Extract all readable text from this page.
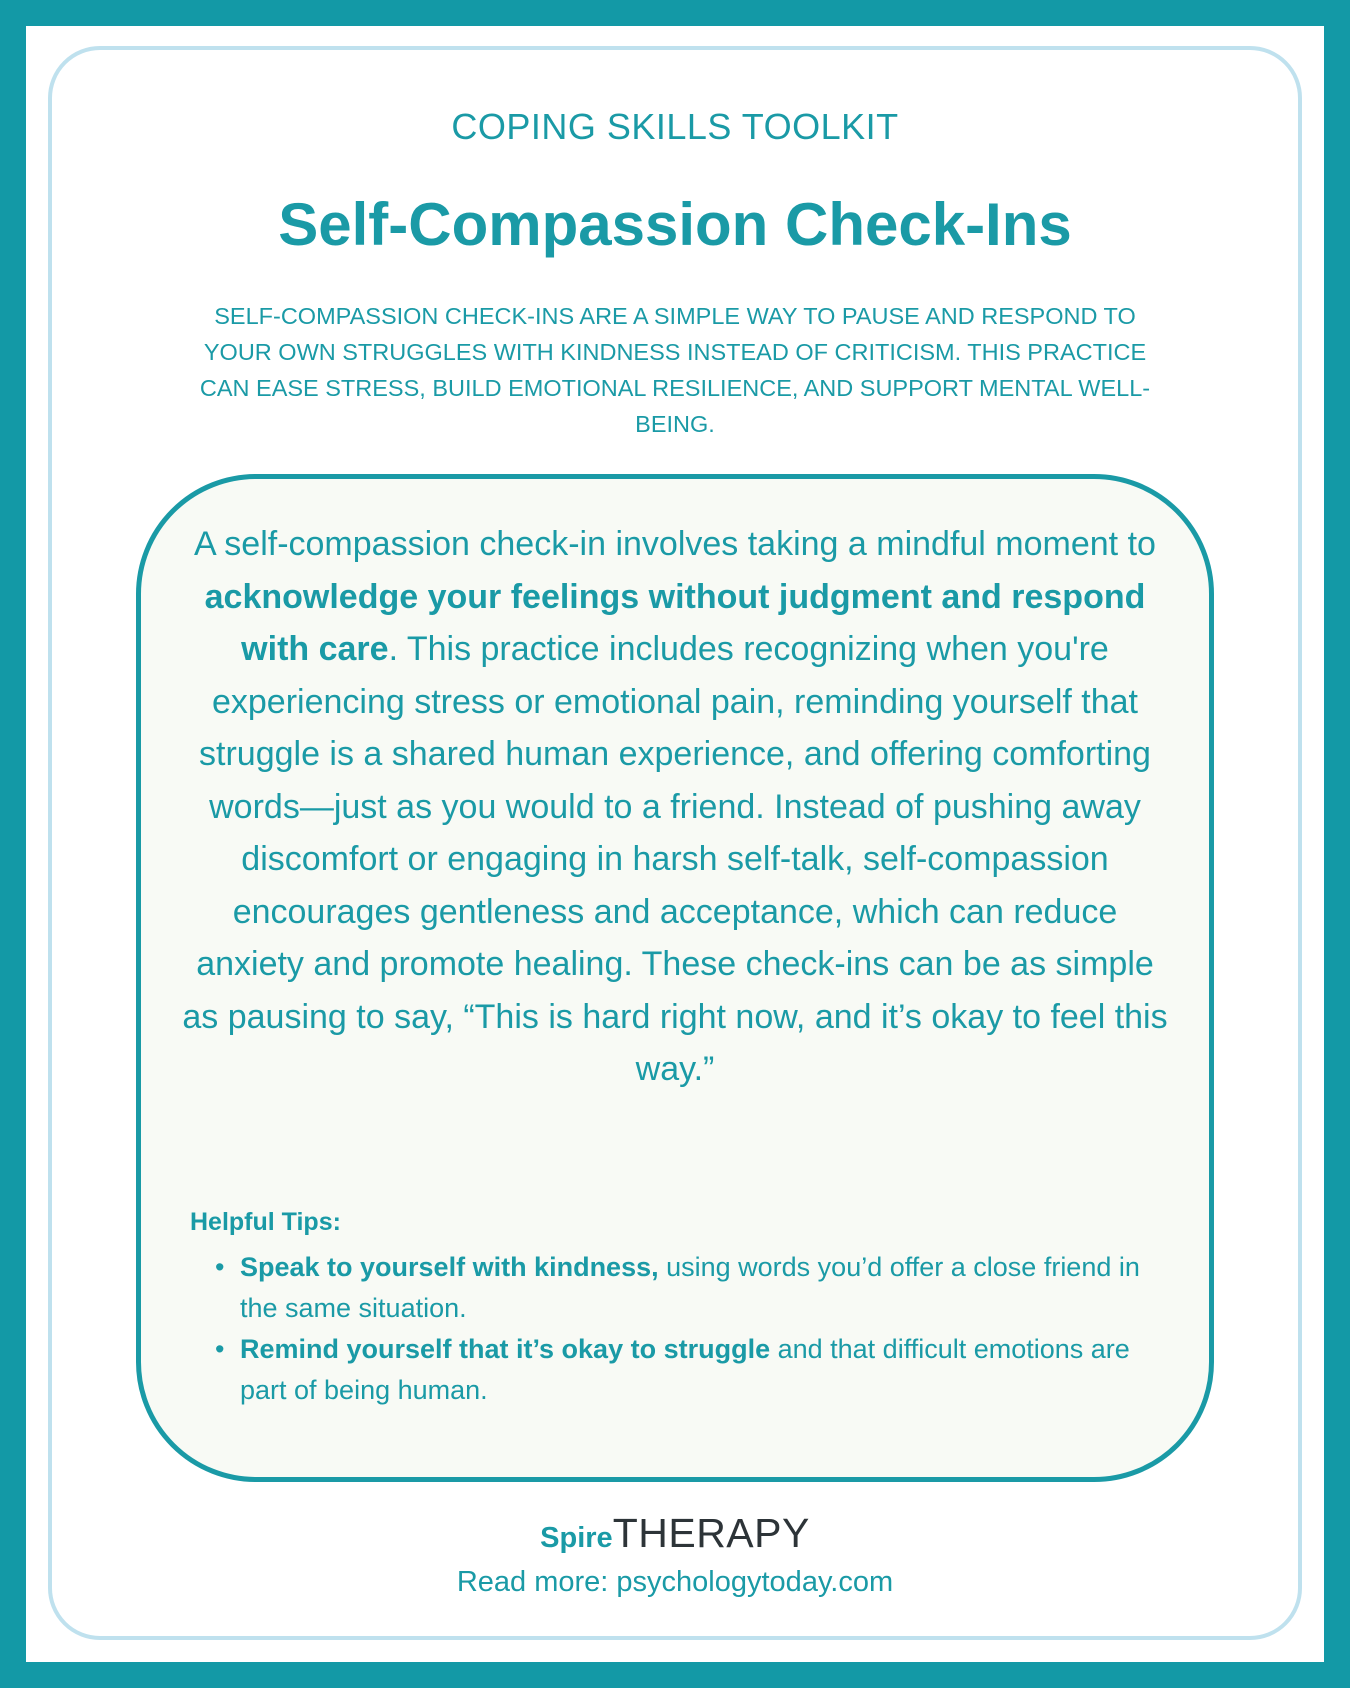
COPING SKILLS TOOLKIT
Self-Compassion Check-Ins

SELF-COMPASSION CHECK-INS ARE A SIMPLE WAY TO PAUSE AND RESPOND TO YOUR OWN STRUGGLES WITH KINDNESS INSTEAD OF CRITICISM. THIS PRACTICE CAN EASE STRESS, BUILD EMOTIONAL RESILIENCE, AND SUPPORT MENTAL WELL-BEING.

A self-compassion check-in involves taking a mindful moment to acknowledge your feelings without judgment and respond with care. This practice includes recognizing when you're experiencing stress or emotional pain, reminding yourself that struggle is a shared human experience, and offering comforting words—just as you would to a friend. Instead of pushing away discomfort or engaging in harsh self-talk, self-compassion encourages gentleness and acceptance, which can reduce anxiety and promote healing. These check-ins can be as simple as pausing to say, “This is hard right now, and it’s okay to feel this way.”

Helpful Tips:
• Speak to yourself with kindness, using words you’d offer a close friend in the same situation.
• Remind yourself that it’s okay to struggle and that difficult emotions are part of being human.
SpireTHERAPY
Read more: psychologytoday.com
